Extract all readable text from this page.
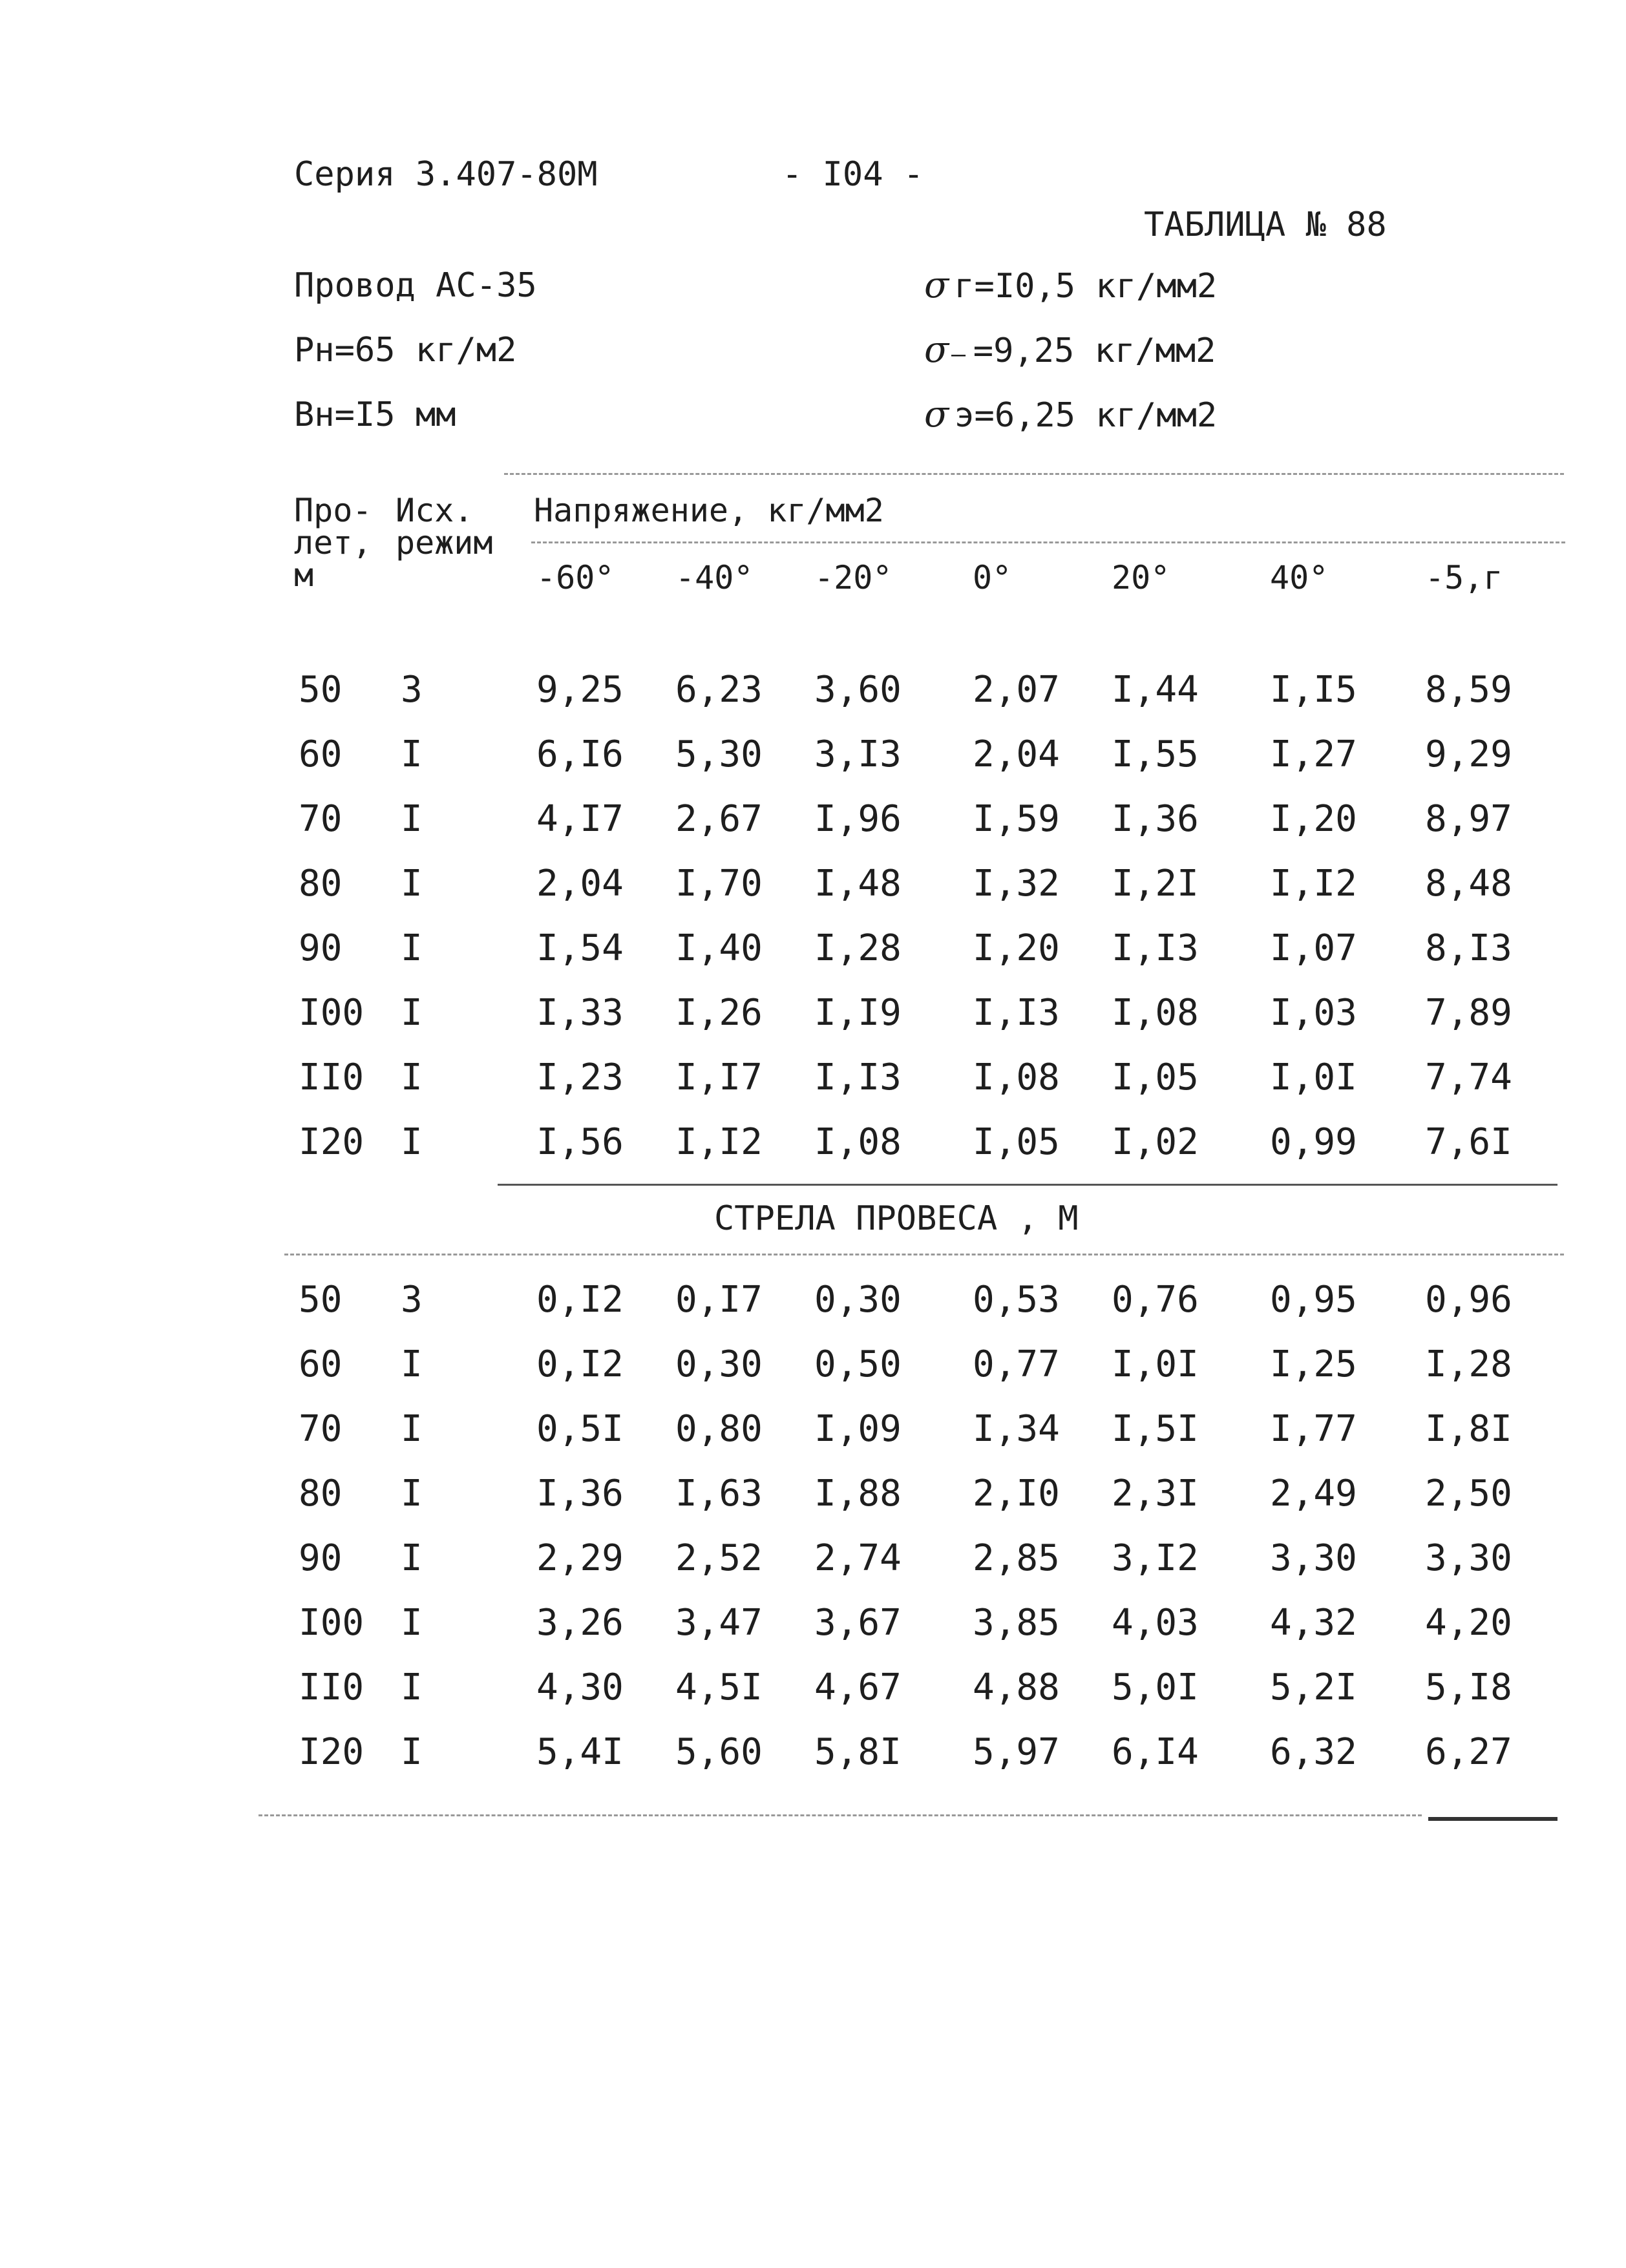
Серия 3.407-80М	- I04 -
ТАБЛИЦА № 88
Провод АС-35
Рн=65 кг/м2
Вн=I5 мм
σ г=I0,5 кг/мм2
σ₋ =9,25 кг/мм2
σ э=6,25 кг/мм2
Про-
лет,
м
Исх.
режим
Напряжение, кг/мм2
-60° -40° -20° 0°	20°	40°	-5,г
50 3	9,25 6,23 3,60 2,07 I,44 I,I5 8,59
60 I	6,I6 5,30 3,I3 2,04 I,55 I,27 9,29
70 I	4,I7 2,67 I,96 I,59 I,36 I,20 8,97
80 I	2,04 I,70 I,48 I,32 I,2I I,I2 8,48
90 I	I,54 I,40 I,28 I,20 I,I3 I,07 8,I3
I00 I	I,33 I,26 I,I9 I,I3 I,08 I,03 7,89
II0 I	I,23 I,I7 I,I3 I,08 I,05 I,0I 7,74
I20 I	I,56 I,I2 I,08 I,05 I,02 0,99 7,6I
СТРЕЛА ПРОВЕСА , М
50 3	0,I2 0,I7 0,30 0,53 0,76 0,95 0,96
60 I	0,I2 0,30 0,50 0,77 I,0I I,25 I,28
70 I	0,5I 0,80 I,09 I,34 I,5I I,77 I,8I
80 I	I,36 I,63 I,88 2,I0 2,3I 2,49 2,50
90 I	2,29 2,52 2,74 2,85 3,I2 3,30 3,30
I00 I	3,26 3,47 3,67 3,85 4,03 4,32 4,20
II0 I	4,30 4,5I 4,67 4,88 5,0I 5,2I 5,I8
I20 I	5,4I 5,60 5,8I 5,97 6,I4 6,32 6,27
